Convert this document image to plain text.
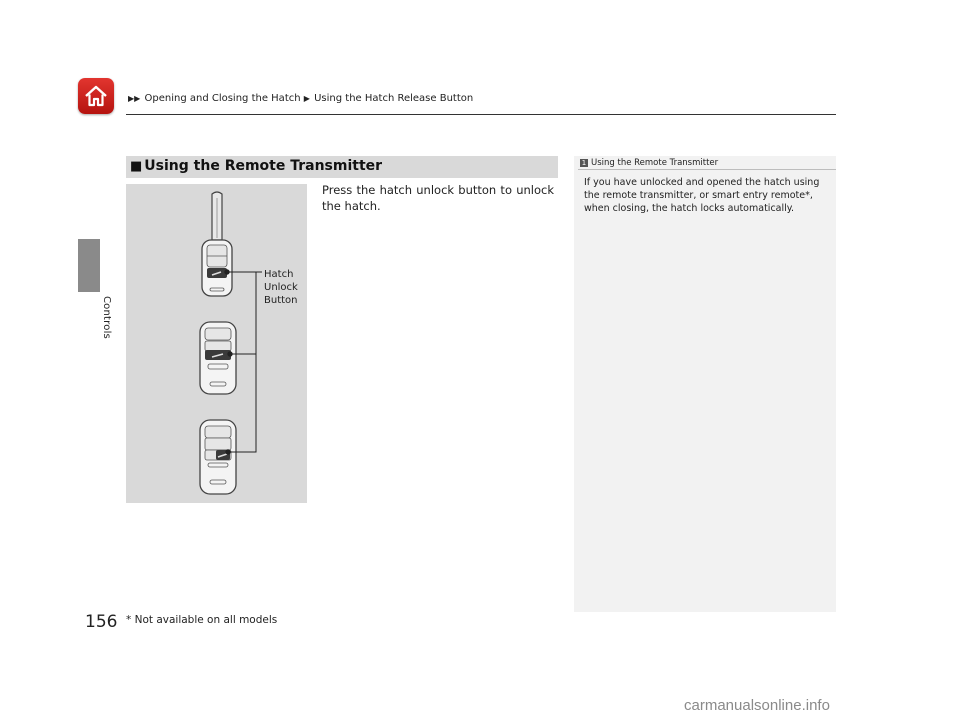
▶▶ Opening and Closing the Hatch ▶ Using the Hatch Release Button
Controls
■ Using the Remote Transmitter
Hatch
Unlock
Button
Press the hatch unlock button to unlock the hatch.
1 Using the Remote Transmitter
If you have unlocked and opened the hatch using the remote transmitter, or smart entry remote*, when closing, the hatch locks automatically.
156 * Not available on all models
carmanualsonline.info
